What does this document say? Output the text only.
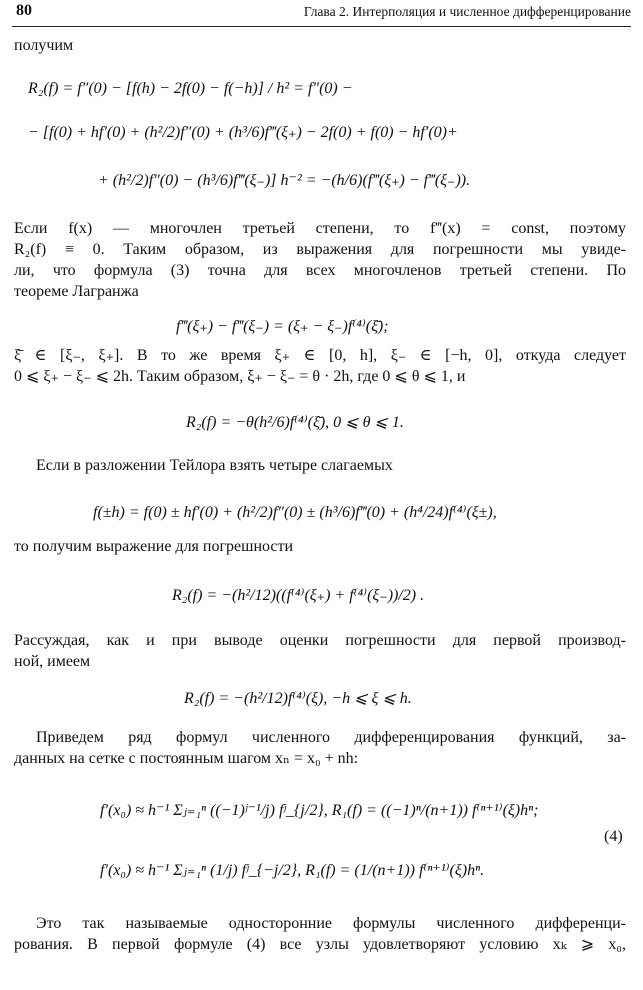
80	Глава 2. Интерполяция и численное дифференцирование
получим
R₂(f) = f″(0) − [f(h) − 2f(0) − f(−h)] / h² = f″(0) −
− [f(0) + hf′(0) + (h²/2)f″(0) + (h³/6)f‴(ξ₊) − 2f(0) + f(0) − hf′(0)+
+ (h²/2)f″(0) − (h³/6)f‴(ξ₋)] h⁻² = −(h/6)(f‴(ξ₊) − f‴(ξ₋)).
Если f(x) — многочлен третьей степени, то f‴(x) = const, поэтому
R₂(f) ≡ 0. Таким образом, из выражения для погрешности мы увиде-
ли, что формула (3) точна для всех многочленов третьей степени. По
теореме Лагранжа
f‴(ξ₊) − f‴(ξ₋) = (ξ₊ − ξ₋)f⁽⁴⁾(ξ̄);
ξ̄ ∈ [ξ₋, ξ₊]. В то же время ξ₊ ∈ [0, h], ξ₋ ∈ [−h, 0], откуда следует
0 ⩽ ξ₊ − ξ₋ ⩽ 2h. Таким образом, ξ₊ − ξ₋ = θ · 2h, где 0 ⩽ θ ⩽ 1, и
R₂(f) = −θ(h²/6)f⁽⁴⁾(ξ̄), 0 ⩽ θ ⩽ 1.
Если в разложении Тейлора взять четыре слагаемых
f(±h) = f(0) ± hf′(0) + (h²/2)f″(0) ± (h³/6)f‴(0) + (h⁴/24)f⁽⁴⁾(ξ±),
то получим выражение для погрешности
R₂(f) = −(h²/12)((f⁽⁴⁾(ξ₊) + f⁽⁴⁾(ξ₋))/2) .
Рассуждая, как и при выводе оценки погрешности для первой производ-
ной, имеем
R₂(f) = −(h²/12)f⁽⁴⁾(ξ), −h ⩽ ξ ⩽ h.
Приведем ряд формул численного дифференцирования функций, за-
данных на сетке с постоянным шагом xₙ = x₀ + nh:
f′(x₀) ≈ h⁻¹ Σⱼ₌₁ⁿ ((−1)ʲ⁻¹/j) fʲ_{j/2}, R₁(f) = ((−1)ⁿ/(n+1)) f⁽ⁿ⁺¹⁾(ξ)hⁿ;
f′(x₀) ≈ h⁻¹ Σⱼ₌₁ⁿ (1/j) fʲ_{−j/2}, R₁(f) = (1/(n+1)) f⁽ⁿ⁺¹⁾(ξ)hⁿ.
(4)
Это так называемые односторонние формулы численного дифференци-
рования. В первой формуле (4) все узлы удовлетворяют условию xₖ ⩾ x₀,
